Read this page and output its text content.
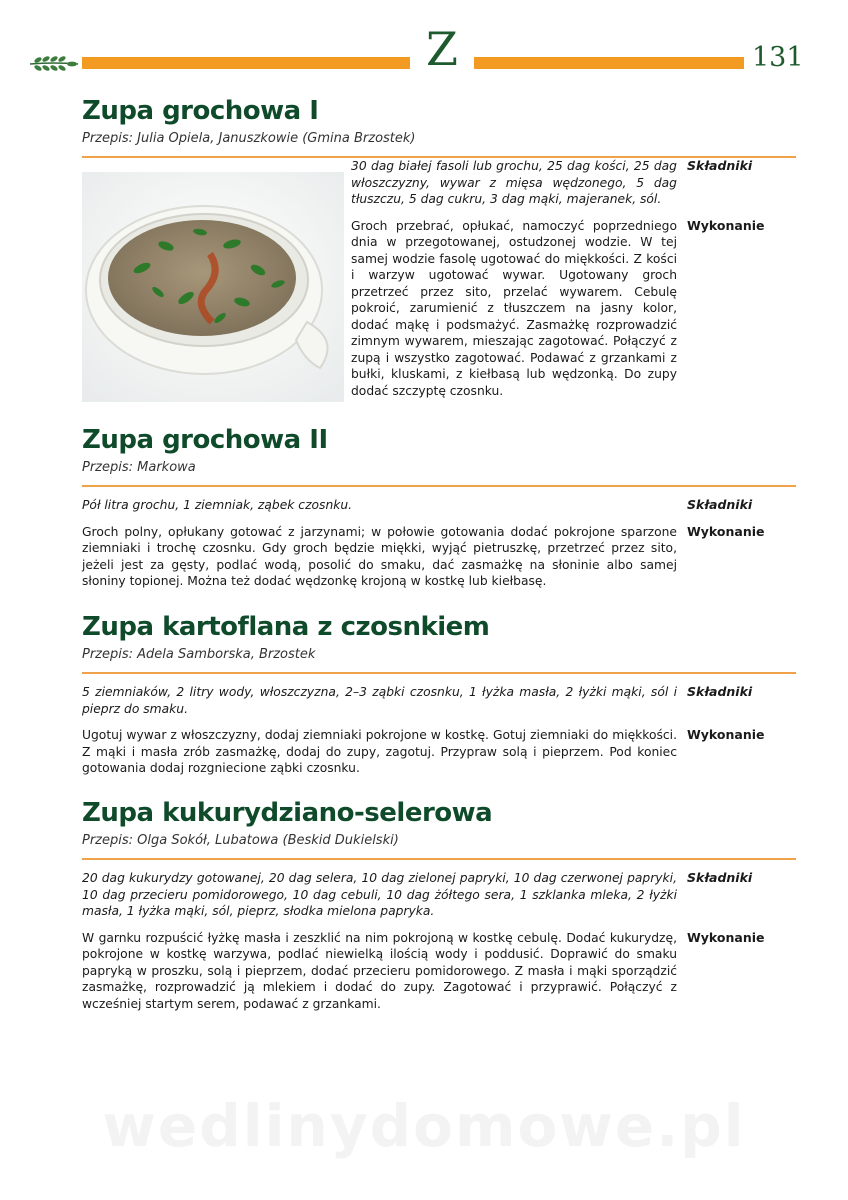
Z	131
Zupa grochowa I
Przepis: Julia Opiela, Januszkowie (Gmina Brzostek)
30 dag białej fasoli lub grochu, 25 dag kości, 25 dag włoszczyzny, wywar z mięsa wędzonego, 5 dag tłuszczu, 5 dag cukru, 3 dag mąki, majeranek, sól.
Składniki
Groch przebrać, opłukać, namoczyć poprzedniego dnia w przegotowanej, ostudzonej wodzie. W tej samej wodzie fasolę ugotować do miękkości. Z kości i warzyw ugotować wywar. Ugotowany groch przetrzeć przez sito, przelać wywarem. Cebulę pokroić, zarumienić z tłuszczem na jasny kolor, dodać mąkę i podsmażyć. Zasmażkę rozprowadzić zimnym wywarem, mieszając zagotować. Połączyć z zupą i wszystko zagotować. Podawać z grzankami z bułki, kluskami, z kiełbasą lub wędzonką. Do zupy dodać szczyptę czosnku.
Wykonanie
Zupa grochowa II
Przepis: Markowa
Pół litra grochu, 1 ziemniak, ząbek czosnku.	Składniki
Groch polny, opłukany gotować z jarzynami; w połowie gotowania dodać pokrojone sparzone ziemniaki i trochę czosnku. Gdy groch będzie miękki, wyjąć pietruszkę, przetrzeć przez sito, jeżeli jest za gęsty, podlać wodą, posolić do smaku, dać zasmażkę na słoninie albo samej słoniny topionej. Można też dodać wędzonkę krojoną w kostkę lub kiełbasę.
Wykonanie
Zupa kartoflana z czosnkiem
Przepis: Adela Samborska, Brzostek
5 ziemniaków, 2 litry wody, włoszczyzna, 2–3 ząbki czosnku, 1 łyżka masła, 2 łyżki mąki, sól i pieprz do smaku.
Składniki
Ugotuj wywar z włoszczyzny, dodaj ziemniaki pokrojone w kostkę. Gotuj ziemniaki do miękkości. Z mąki i masła zrób zasmażkę, dodaj do zupy, zagotuj. Przypraw solą i pieprzem. Pod koniec gotowania dodaj rozgniecione ząbki czosnku.
Wykonanie
Zupa kukurydziano-selerowa
Przepis: Olga Sokół, Lubatowa (Beskid Dukielski)
20 dag kukurydzy gotowanej, 20 dag selera, 10 dag zielonej papryki, 10 dag czerwonej papryki, 10 dag przecieru pomidorowego, 10 dag cebuli, 10 dag żółtego sera, 1 szklanka mleka, 2 łyżki masła, 1 łyżka mąki, sól, pieprz, słodka mielona papryka.
Składniki
W garnku rozpuścić łyżkę masła i zeszklić na nim pokrojoną w kostkę cebulę. Dodać kukurydzę, pokrojone w kostkę warzywa, podlać niewielką ilością wody i poddusić. Doprawić do smaku papryką w proszku, solą i pieprzem, dodać przecieru pomidorowego. Z masła i mąki sporządzić zasmażkę, rozprowadzić ją mlekiem i dodać do zupy. Zagotować i przyprawić. Połączyć z wcześniej startym serem, podawać z grzankami.
Wykonanie
wedlinydomowe.pl
